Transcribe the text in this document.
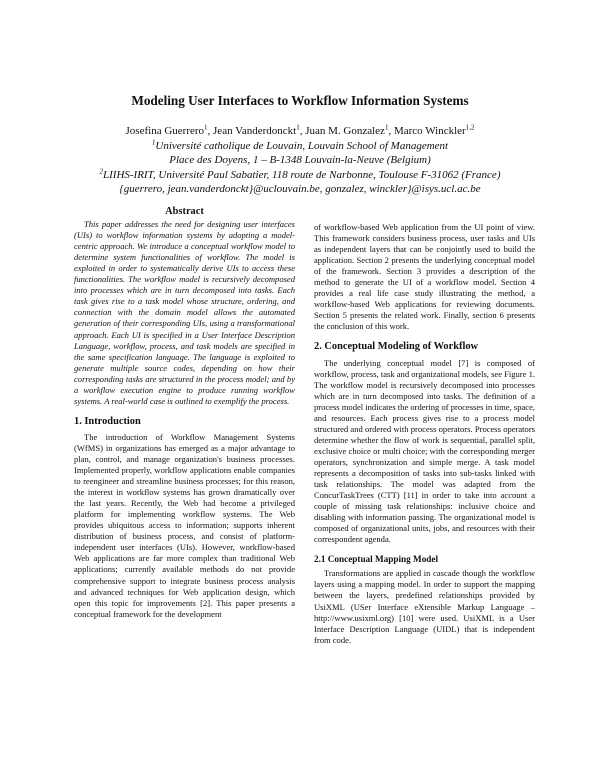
Modeling User Interfaces to Workflow Information Systems
Josefina Guerrero$^1$, Jean Vanderdonckt$^1$, Juan M. Gonzalez$^1$, Marco Winckler$^{1,2}$
$^1$Université catholique de Louvain, Louvain School of Management
Place des Doyens, 1 – B-1348 Louvain-la-Neuve (Belgium)
$^2$LIIHS-IRIT, Université Paul Sabatier, 118 route de Narbonne, Toulouse F-31062 (France)
{guerrero, jean.vanderdonckt}@uclouvain.be, gonzalez, winckler}@isys.ucl.ac.be
Abstract

This paper addresses the need for designing user interfaces (UIs) to workflow information systems by adopting a model-centric approach. We introduce a conceptual workflow model to determine system functionalities of workflow. The model is exploited in order to systematically derive UIs to access these functionalities. The workflow model is recursively decomposed into processes which are in turn decomposed into tasks. Each task gives rise to a task model whose structure, ordering, and connection with the domain model allows the automated generation of their corresponding UIs, using a transformational approach. Each UI is specified in a User Interface Description Language, workflow, process, and task models are specified in the same specification language. The language is exploited to generate multiple source codes, depending on how their corresponding tasks are structured in the process model; and by a workflow execution engine to produce running workflow systems. A real-world case is outlined to exemplify the process.

1. Introduction

The introduction of Workflow Management Systems (WfMS) in organizations has emerged as a major advantage to plan, control, and manage organization's business processes. Implemented properly, workflow applications enable companies to reengineer and streamline business processes; for this reason, the interest in workflow systems has grown dramatically over the last years. Recently, the Web had become a privileged platform for implementing workflow systems. The Web provides ubiquitous access to information; supports inherent distribution of business process, and consist of platform-independent user interfaces (UIs). However, workflow-based Web applications are far more complex than traditional Web applications; currently available methods do not provide comprehensive support to integrate business process analysis and advanced techniques for Web application design, which open this topic for improvements [2]. This paper presents a conceptual framework for the development

of workflow-based Web application from the UI point of view. This framework considers business process, user tasks and UIs as independent layers that can be conjointly used to build the application. Section 2 presents the underlying conceptual model of the framework. Section 3 provides a description of the method to generate the UI of a workflow model. Section 4 provides a real life case study illustrating the method, a workflow-based Web applications for reviewing documents. Section 5 presents the related work. Finally, section 6 presents the conclusion of this work.

2. Conceptual Modeling of Workflow

The underlying conceptual model [7] is composed of workflow, process, task and organizational models, see Figure 1. The workflow model is recursively decomposed into processes which are in turn decomposed into tasks. The definition of a process model indicates the ordering of processes in time, space, and resources. Each process gives rise to a process model structured and ordered with process operators. Process operators determine whether the flow of work is sequential, parallel split, exclusive choice or multi choice; with the corresponding merger operators, synchronization and simple merge. A task model represents a decomposition of tasks into sub-tasks linked with task relationships. The model was adapted from the ConcurTaskTrees (CTT) [11] in order to take into account a couple of missing task relationships: inclusive choice and disabling with information passing. The organizational model is composed of organizational units, jobs, and resources with their correspondent agenda.

2.1 Conceptual Mapping Model

Transformations are applied in cascade though the workflow layers using a mapping model. In order to support the mapping between the layers, predefined relationships provided by UsiXML (USer Interface eXtensible Markup Language – http://www.usixml.org) [10] were used. UsiXML is a User Interface Description Language (UIDL) that is independent from code.
